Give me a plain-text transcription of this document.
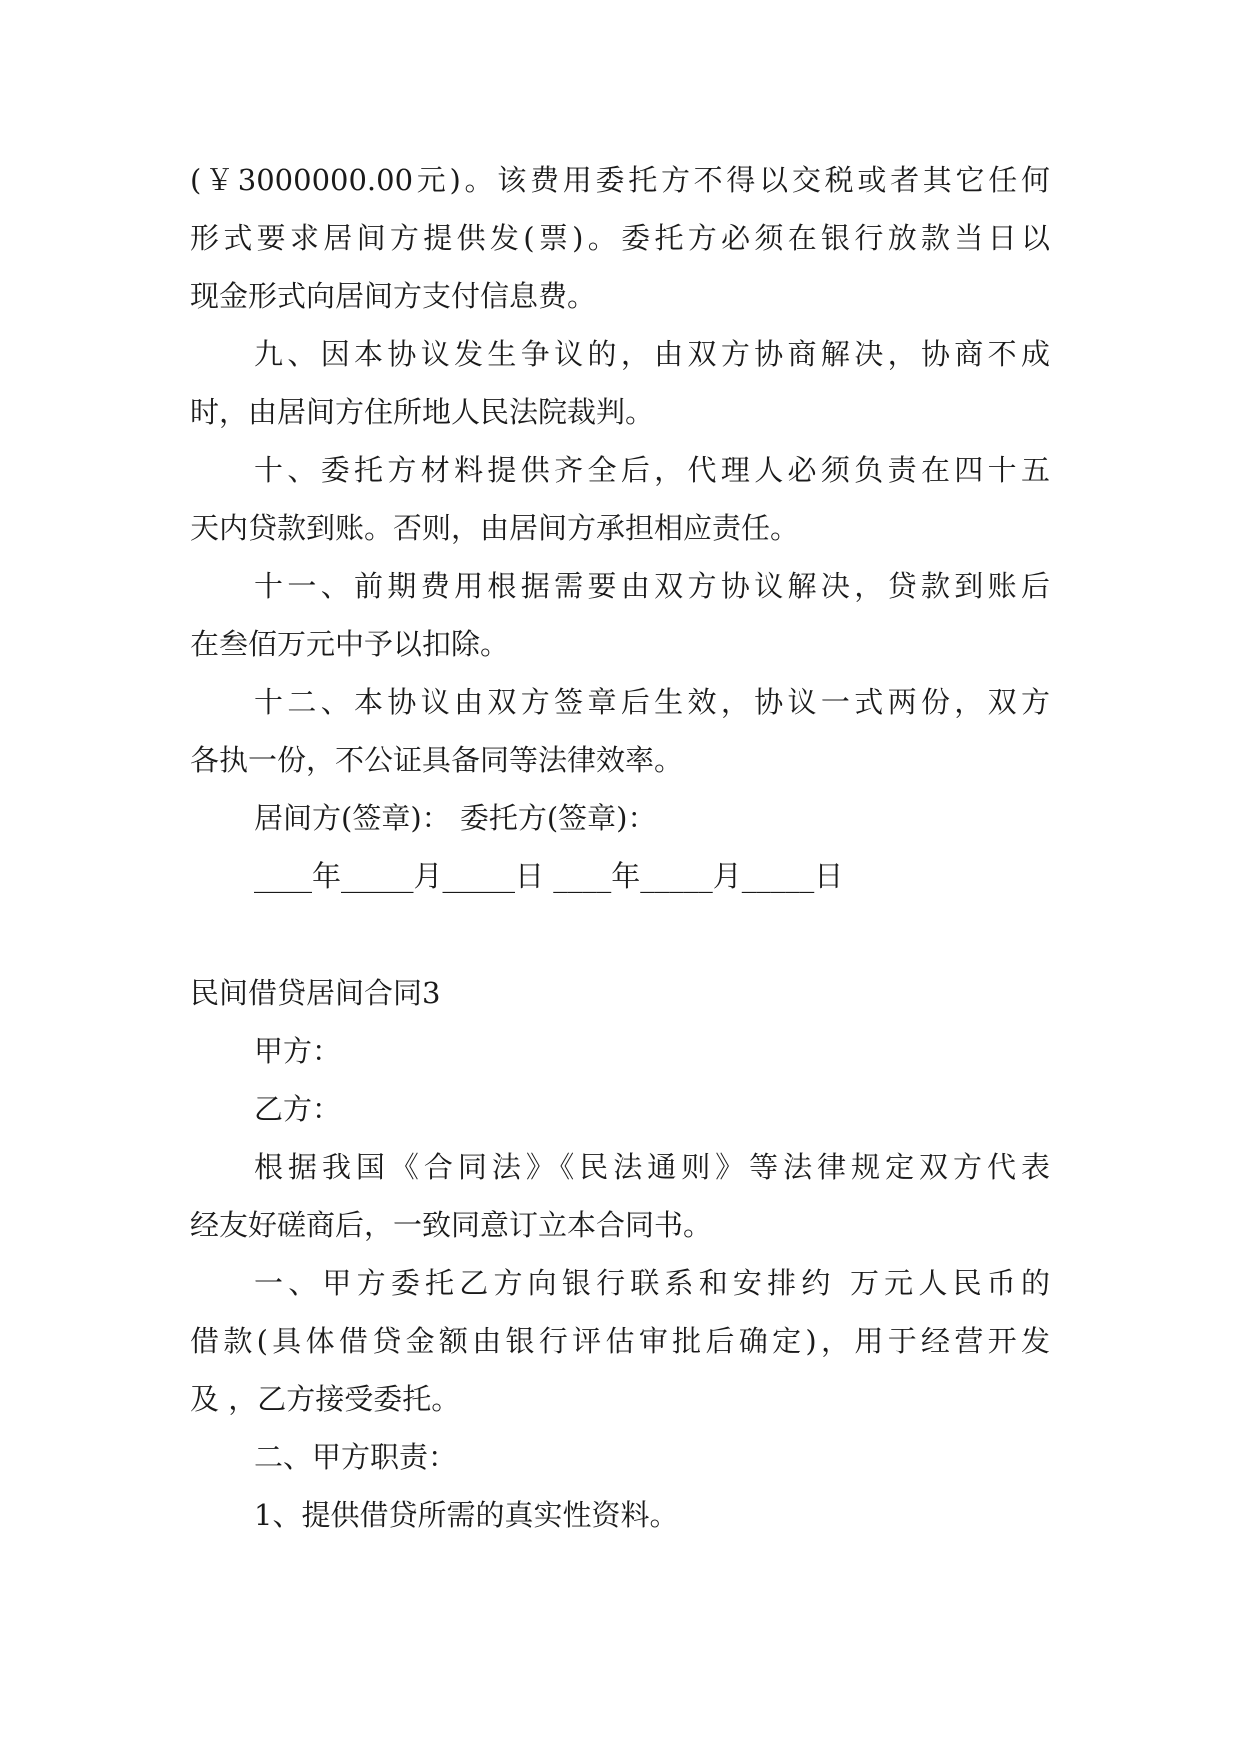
(￥3000000.00元)。该费用委托方不得以交税或者其它任何
形式要求居间方提供发(票)。委托方必须在银行放款当日以
现金形式向居间方支付信息费。
九、因本协议发生争议的，由双方协商解决，协商不成
时，由居间方住所地人民法院裁判。
十、委托方材料提供齐全后，代理人必须负责在四十五
天内贷款到账。否则，由居间方承担相应责任。
十一、前期费用根据需要由双方协议解决，贷款到账后
在叁佰万元中予以扣除。
十二、本协议由双方签章后生效，协议一式两份，双方
各执一份，不公证具备同等法律效率。
居间方(签章)： 委托方(签章)：
____年_____月_____日 ____年_____月_____日
民间借贷居间合同3
甲方：
乙方：
根据我国《合同法》《民法通则》等法律规定双方代表
经友好磋商后，一致同意订立本合同书。
一、甲方委托乙方向银行联系和安排约 万元人民币的
借款(具体借贷金额由银行评估审批后确定)，用于经营开发
及 ，乙方接受委托。
二、甲方职责：
1、提供借贷所需的真实性资料。
